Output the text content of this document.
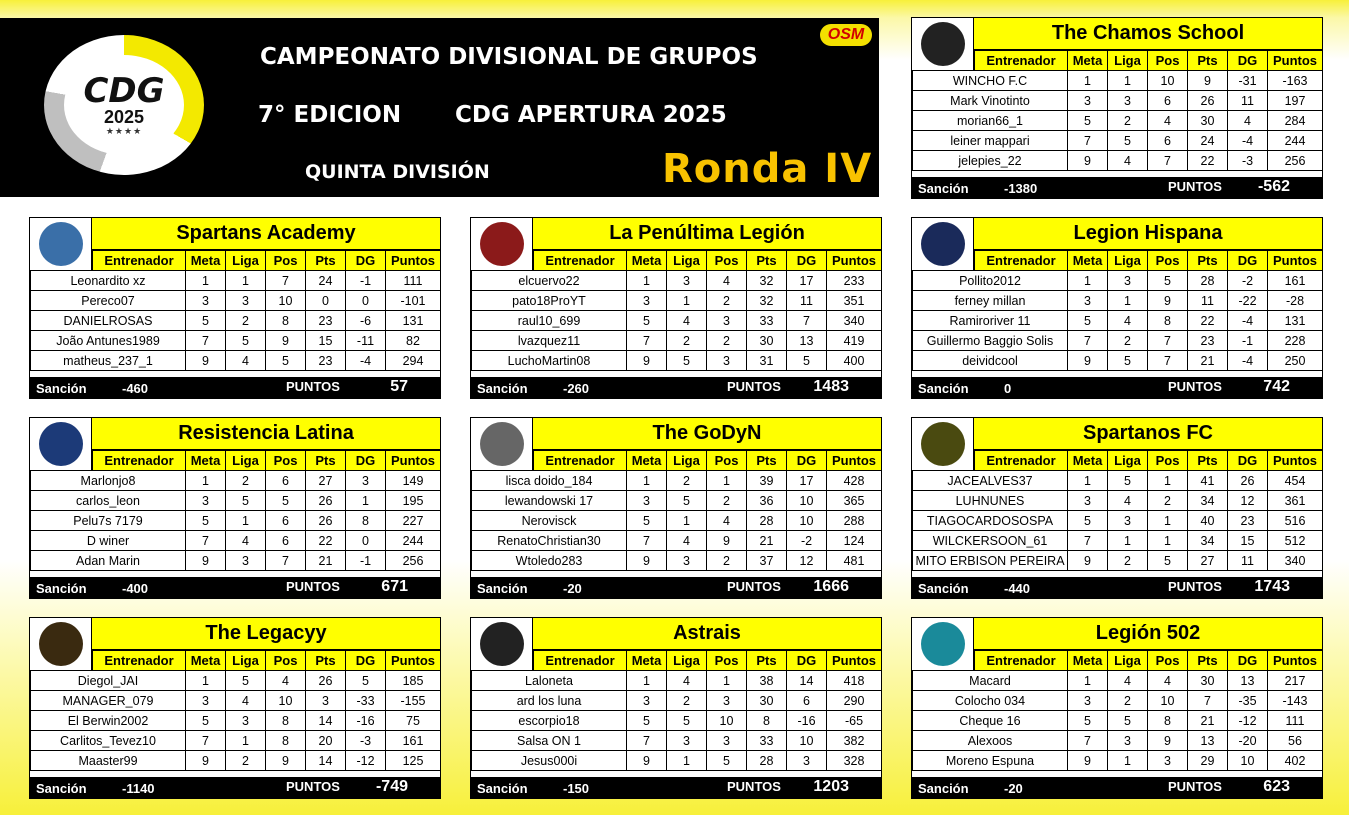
CDG
2025
★★★★
CAMPEONATO DIVISIONAL DE GRUPOS
7° EDICION CDG APERTURA 2025
QUINTA DIVISIÓN	Ronda IV
OSM	The Chamos School
	Entrenador	Meta	Liga	Pos	Pts	DG	Puntos
WINCHO F.C		1	1	10	9	-31	-163
Mark Vinotinto		3	3	6	26	11	197
morian66_1		5	2	4	30	4	284
leiner mappari		7	5	6	24	-4	244
jelepies_22		9	4	7	22	-3	256
Sanción	-1380	PUNTOS -562
Spartans Academy
	Entrenador	Meta	Liga	Pos	Pts	DG	Puntos
Leonardito xz		1	1	7	24	-1	111
Pereco07		3	3	10	0	0	-101
DANIELROSAS		5	2	8	23	-6	131
João Antunes1989		7	5	9	15	-11	82
matheus_237_1		9	4	5	23	-4	294
Sanción	-460	PUNTOS	57
La Penúltima Legión
	Entrenador	Meta	Liga	Pos	Pts	DG	Puntos
elcuervo22		1	3	4	32	17	233
pato18ProYT		3	1	2	32	11	351
raul10_699		5	4	3	33	7	340
lvazquez11		7	2	2	30	13	419
LuchoMartin08		9	5	3	31	5	400
Sanción	-260	PUNTOS 1483
Legion Hispana
	Entrenador	Meta	Liga	Pos	Pts	DG	Puntos
Pollito2012		1	3	5	28	-2	161
ferney millan		3	1	9	11	-22	-28
Ramiroriver 11		5	4	8	22	-4	131
Guillermo Baggio Solis		7	2	7	23	-1	228
deividcool		9	5	7	21	-4	250
Sanción	0	PUNTOS	742
Resistencia Latina
	Entrenador	Meta	Liga	Pos	Pts	DG	Puntos
Marlonjo8		1	2	6	27	3	149
carlos_leon		3	5	5	26	1	195
Pelu7s 7179		5	1	6	26	8	227
D winer		7	4	6	22	0	244
Adan Marin		9	3	7	21	-1	256
Sanción	-400	PUNTOS	671
The GoDyN
	Entrenador	Meta	Liga	Pos	Pts	DG	Puntos
lisca doido_184		1	2	1	39	17	428
lewandowski 17		3	5	2	36	10	365
Nerovisck		5	1	4	28	10	288
RenatoChristian30		7	4	9	21	-2	124
Wtoledo283		9	3	2	37	12	481
Sanción	-20	PUNTOS 1666
Spartanos FC
	Entrenador	Meta	Liga	Pos	Pts	DG	Puntos
JACEALVES37		1	5	1	41	26	454
LUHNUNES		3	4	2	34	12	361
TIAGOCARDOSOSPA		5	3	1	40	23	516
WILCKERSOON_61		7	1	1	34	15	512
MITO ERBISON PEREIRA		9	2	5	27	11	340
Sanción	-440	PUNTOS 1743
The Legacyy
	Entrenador	Meta	Liga	Pos	Pts	DG	Puntos
Diegol_JAI		1	5	4	26	5	185
MANAGER_079		3	4	10	3	-33	-155
El Berwin2002		5	3	8	14	-16	75
Carlitos_Tevez10		7	1	8	20	-3	161
Maaster99		9	2	9	14	-12	125
Sanción	-1140	PUNTOS -749
Astrais
	Entrenador	Meta	Liga	Pos	Pts	DG	Puntos
Laloneta		1	4	1	38	14	418
ard los luna		3	2	3	30	6	290
escorpio18		5	5	10	8	-16	-65
Salsa ON 1		7	3	3	33	10	382
Jesus000i		9	1	5	28	3	328
Sanción	-150	PUNTOS 1203
Legión 502
	Entrenador	Meta	Liga	Pos	Pts	DG	Puntos
Macard		1	4	4	30	13	217
Colocho 034		3	2	10	7	-35	-143
Cheque 16		5	5	8	21	-12	111
Alexoos		7	3	9	13	-20	56
Moreno Espuna		9	1	3	29	10	402
Sanción	-20	PUNTOS	623
